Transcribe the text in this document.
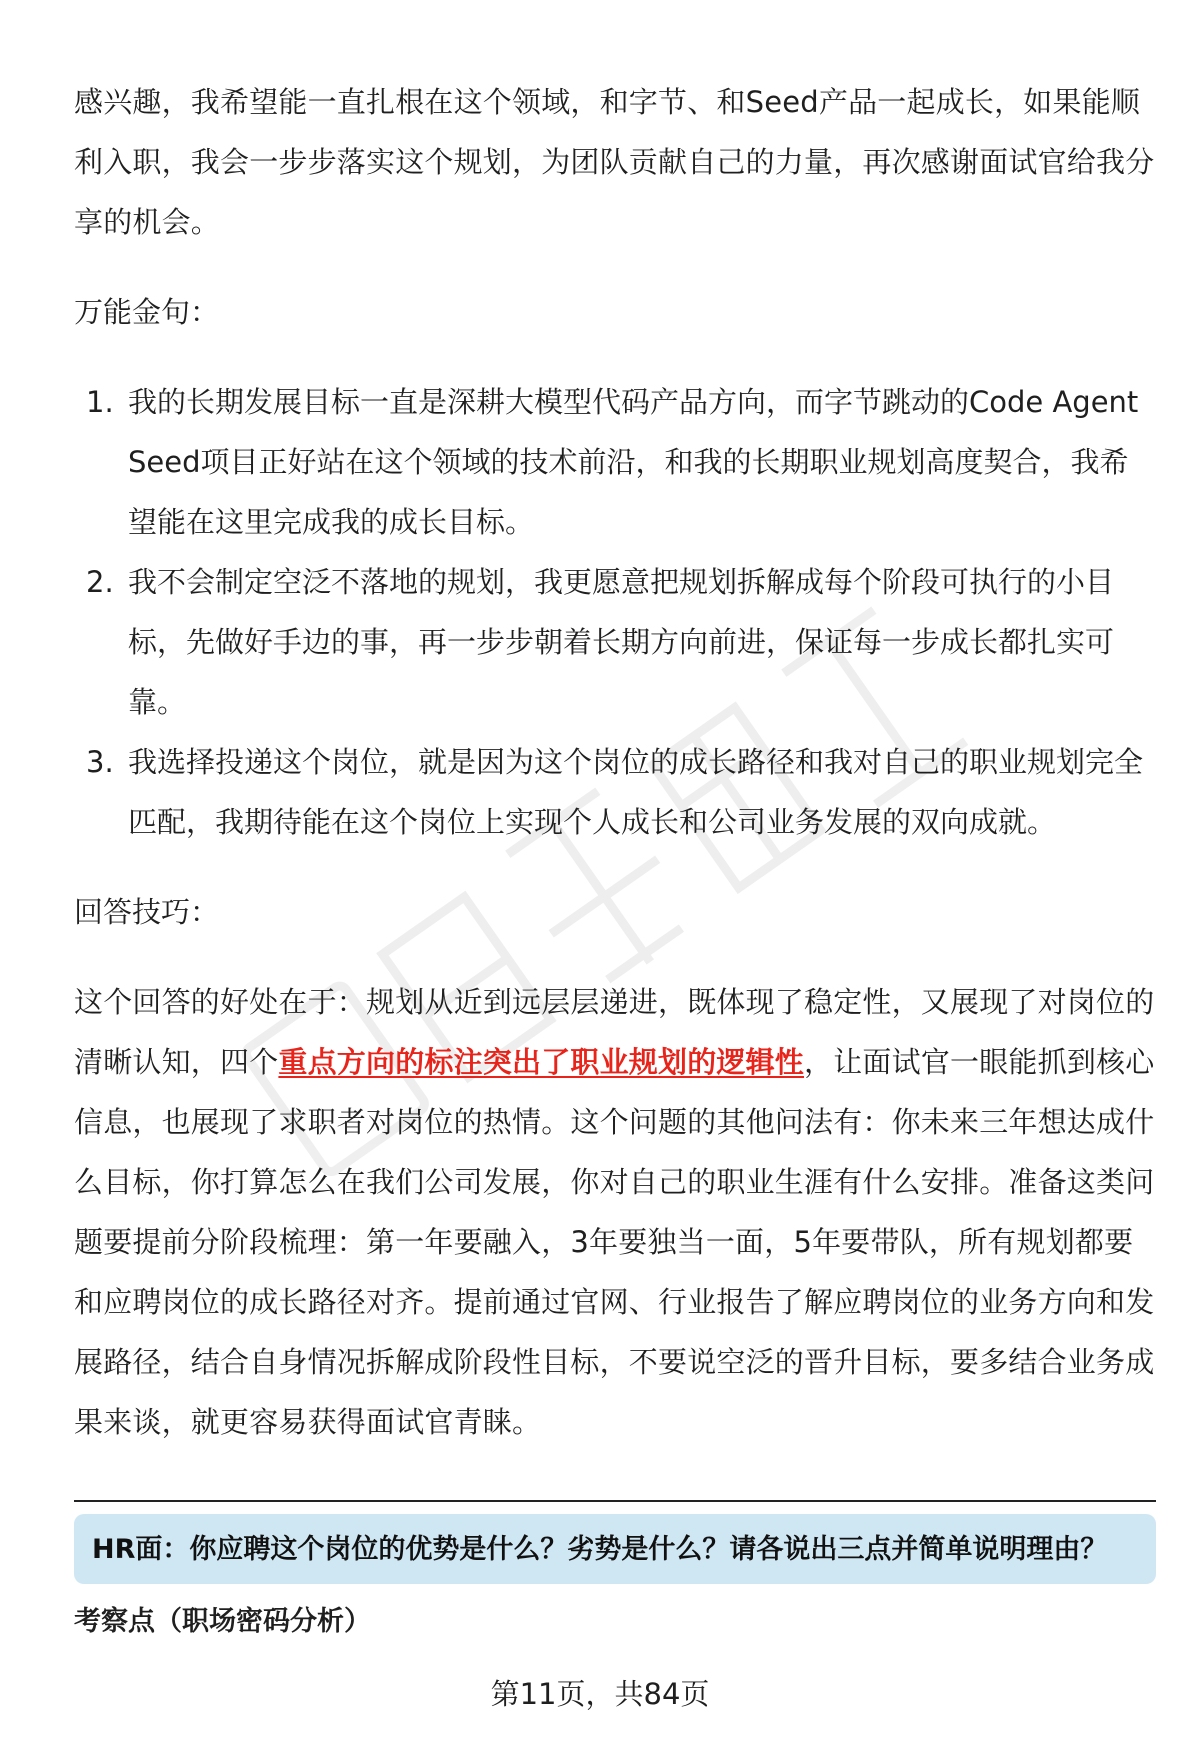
感兴趣，我希望能一直扎根在这个领域，和字节、和Seed产品一起成长，如果能顺利入职，我会一步步落实这个规划，为团队贡献自己的力量，再次感谢面试官给我分享的机会。

万能金句：

1. 我的长期发展目标一直是深耕大模型代码产品方向，而字节跳动的Code Agent Seed项目正好站在这个领域的技术前沿，和我的长期职业规划高度契合，我希望能在这里完成我的成长目标。
2. 我不会制定空泛不落地的规划，我更愿意把规划拆解成每个阶段可执行的小目标，先做好手边的事，再一步步朝着长期方向前进，保证每一步成长都扎实可靠。
3. 我选择投递这个岗位，就是因为这个岗位的成长路径和我对自己的职业规划完全匹配，我期待能在这个岗位上实现个人成长和公司业务发展的双向成就。

回答技巧：

这个回答的好处在于：规划从近到远层层递进，既体现了稳定性，又展现了对岗位的清晰认知，四个重点方向的标注突出了职业规划的逻辑性，让面试官一眼能抓到核心信息，也展现了求职者对岗位的热情。这个问题的其他问法有：你未来三年想达成什么目标，你打算怎么在我们公司发展，你对自己的职业生涯有什么安排。准备这类问题要提前分阶段梳理：第一年要融入，3年要独当一面，5年要带队，所有规划都要和应聘岗位的成长路径对齐。提前通过官网、行业报告了解应聘岗位的业务方向和发展路径，结合自身情况拆解成阶段性目标，不要说空泛的晋升目标，要多结合业务成果来谈，就更容易获得面试官青睐。

HR面：你应聘这个岗位的优势是什么？劣势是什么？请各说出三点并简单说明理由？
考察点（职场密码分析）
第11页，共84页
